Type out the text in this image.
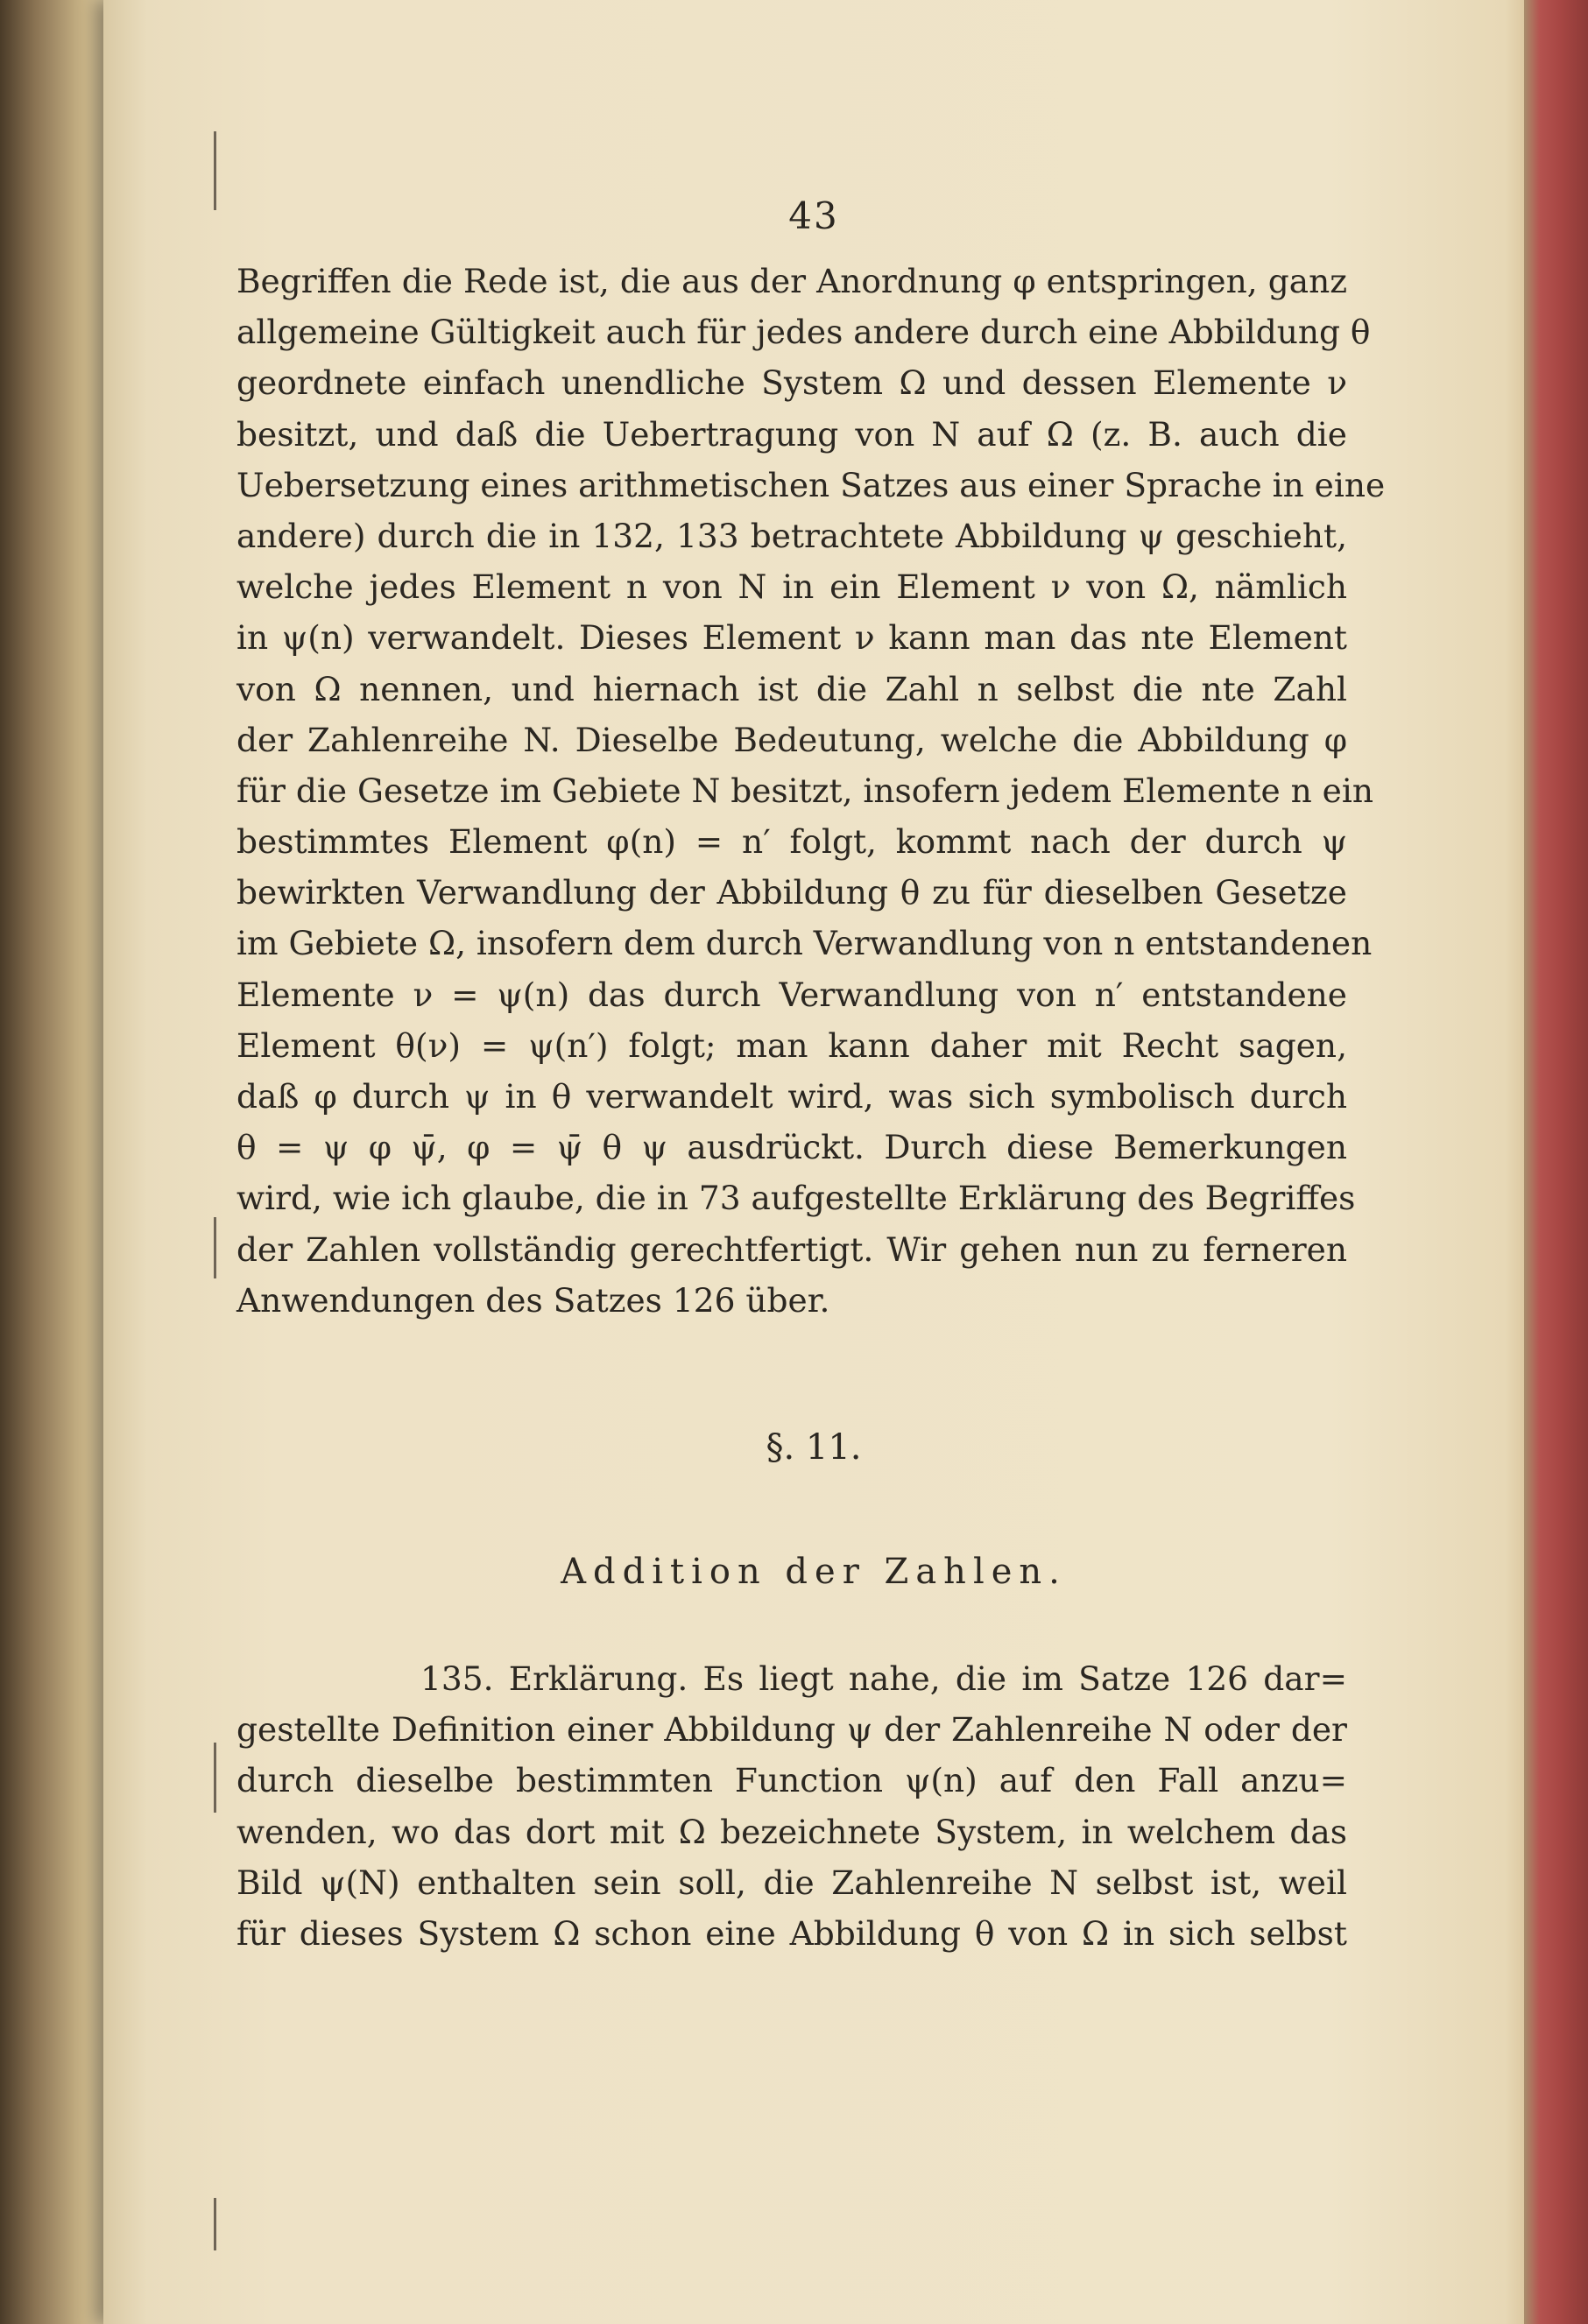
43
Begriffen die Rede ist, die aus der Anordnung φ entspringen, ganz
allgemeine Gültigkeit auch für jedes andere durch eine Abbildung θ
geordnete einfach unendliche System Ω und dessen Elemente ν
besitzt, und daß die Uebertragung von N auf Ω (z. B. auch die
Uebersetzung eines arithmetischen Satzes aus einer Sprache in eine
andere) durch die in 132, 133 betrachtete Abbildung ψ geschieht,
welche jedes Element n von N in ein Element ν von Ω, nämlich
in ψ(n) verwandelt. Dieses Element ν kann man das nte Element
von Ω nennen, und hiernach ist die Zahl n selbst die nte Zahl
der Zahlenreihe N. Dieselbe Bedeutung, welche die Abbildung φ
für die Gesetze im Gebiete N besitzt, insofern jedem Elemente n ein
bestimmtes Element φ(n) = n′ folgt, kommt nach der durch ψ
bewirkten Verwandlung der Abbildung θ zu für dieselben Gesetze
im Gebiete Ω, insofern dem durch Verwandlung von n entstandenen
Elemente ν = ψ(n) das durch Verwandlung von n′ entstandene
Element θ(ν) = ψ(n′) folgt; man kann daher mit Recht sagen,
daß φ durch ψ in θ verwandelt wird, was sich symbolisch durch
θ = ψ φ ψ̄, φ = ψ̄ θ ψ ausdrückt. Durch diese Bemerkungen
wird, wie ich glaube, die in 73 aufgestellte Erklärung des Begriffes
der Zahlen vollständig gerechtfertigt. Wir gehen nun zu ferneren
Anwendungen des Satzes 126 über.
§. 11.
Addition der Zahlen.
135. Erklärung. Es liegt nahe, die im Satze 126 dar=
gestellte Definition einer Abbildung ψ der Zahlenreihe N oder der
durch dieselbe bestimmten Function ψ(n) auf den Fall anzu=
wenden, wo das dort mit Ω bezeichnete System, in welchem das
Bild ψ(N) enthalten sein soll, die Zahlenreihe N selbst ist, weil
für dieses System Ω schon eine Abbildung θ von Ω in sich selbst
